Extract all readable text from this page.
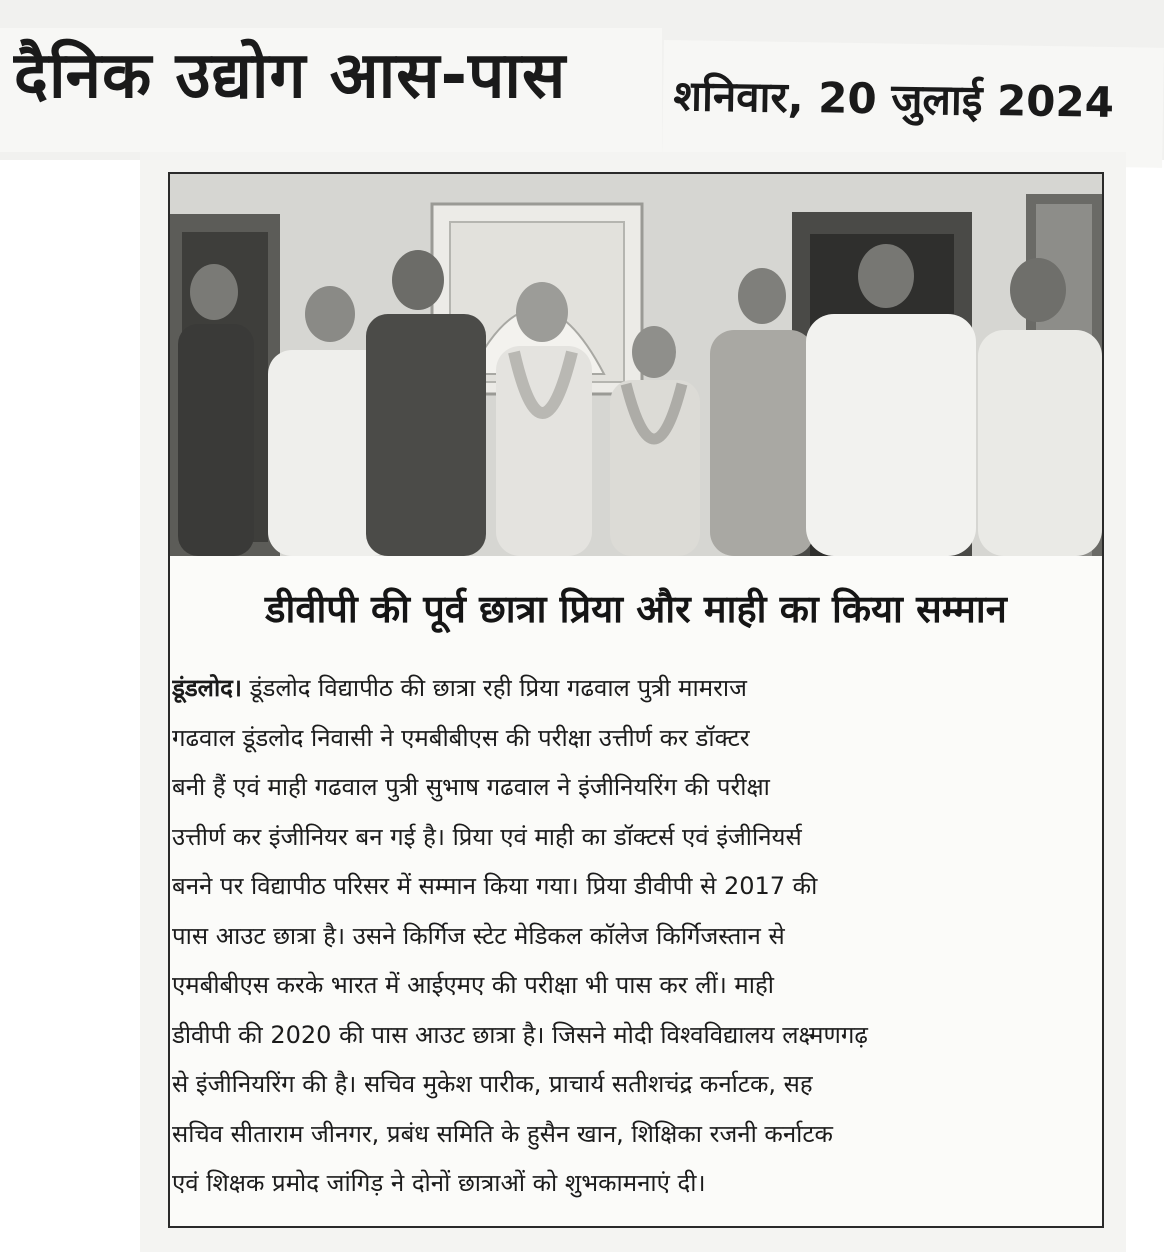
दैनिक उद्योग आस-पास	शनिवार, 20 जुलाई 2024
डीवीपी की पूर्व छात्रा प्रिया और माही का किया सम्मान
डूंडलोद। डूंडलोद विद्यापीठ की छात्रा रही प्रिया गढवाल पुत्री मामराज
गढवाल डूंडलोद निवासी ने एमबीबीएस की परीक्षा उत्तीर्ण कर डॉक्टर
बनी हैं एवं माही गढवाल पुत्री सुभाष गढवाल ने इंजीनियरिंग की परीक्षा
उत्तीर्ण कर इंजीनियर बन गई है। प्रिया एवं माही का डॉक्टर्स एवं इंजीनियर्स
बनने पर विद्यापीठ परिसर में सम्मान किया गया। प्रिया डीवीपी से 2017 की
पास आउट छात्रा है। उसने किर्गिज स्टेट मेडिकल कॉलेज किर्गिजस्तान से
एमबीबीएस करके भारत में आईएमए की परीक्षा भी पास कर लीं। माही
डीवीपी की 2020 की पास आउट छात्रा है। जिसने मोदी विश्वविद्यालय लक्ष्मणगढ़
से इंजीनियरिंग की है। सचिव मुकेश पारीक, प्राचार्य सतीशचंद्र कर्नाटक, सह
सचिव सीताराम जीनगर, प्रबंध समिति के हुसैन खान, शिक्षिका रजनी कर्नाटक
एवं शिक्षक प्रमोद जांगिड़ ने दोनों छात्राओं को शुभकामनाएं दी।
